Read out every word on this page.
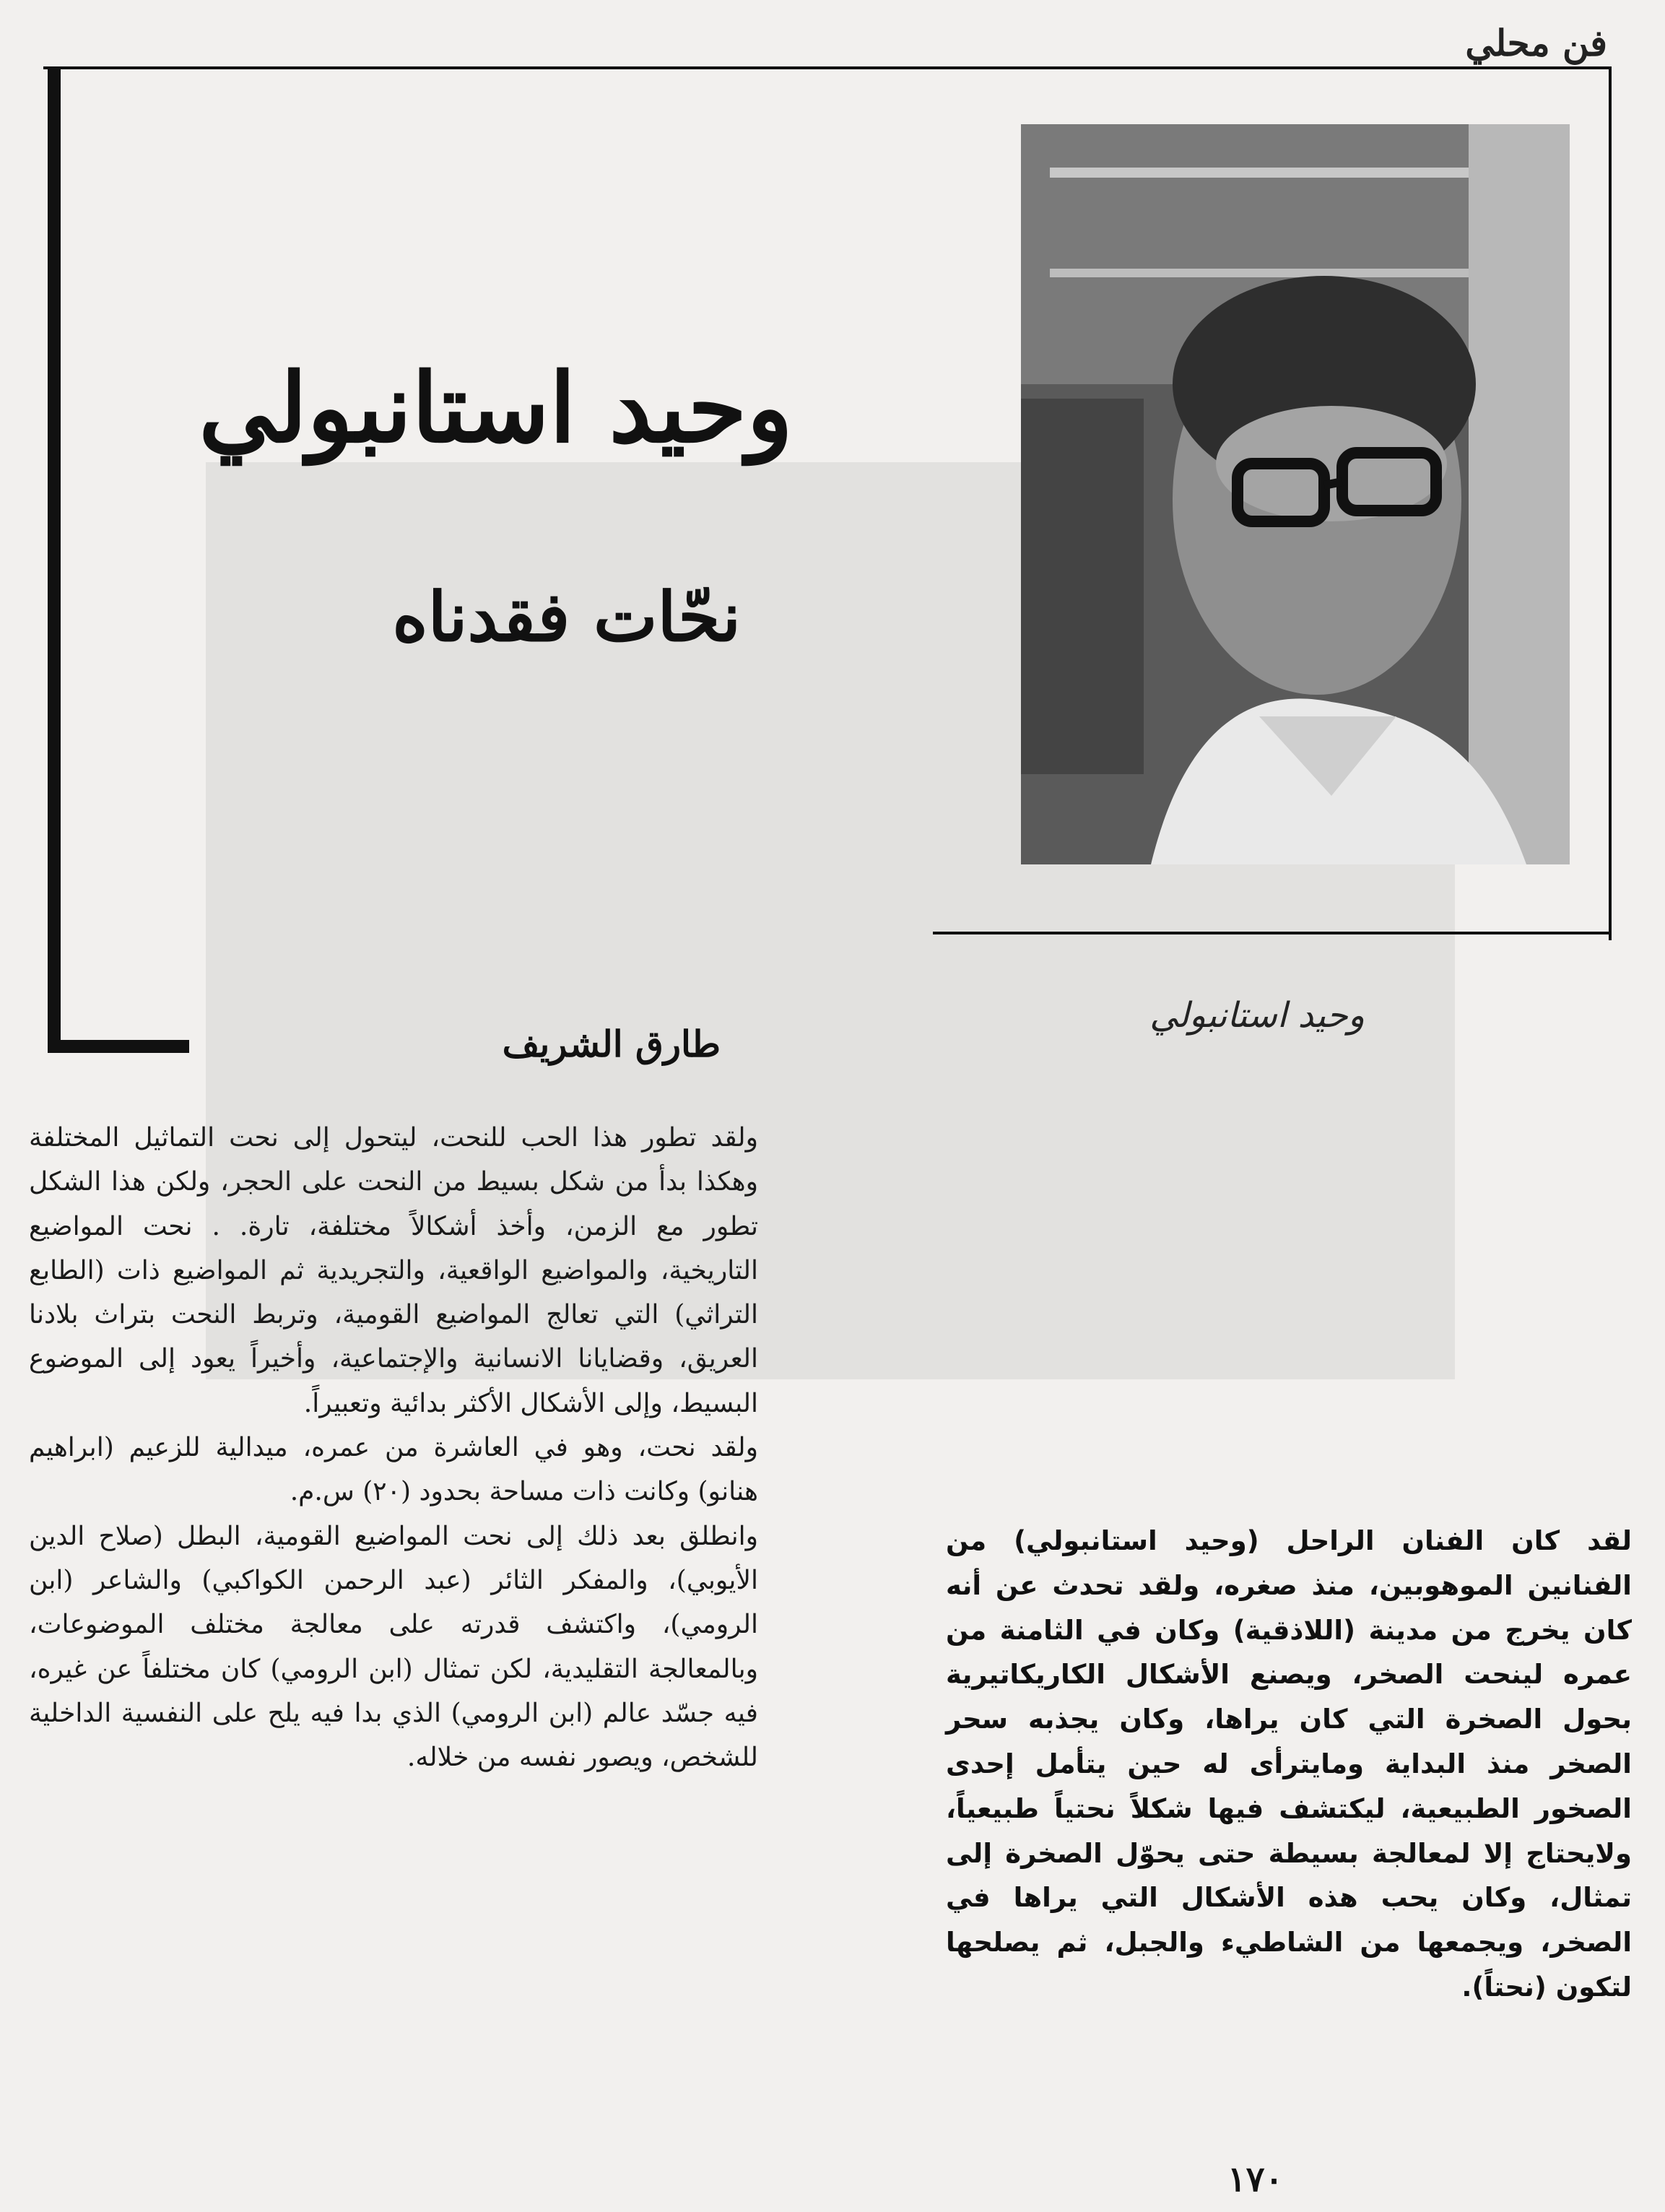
فن محلي
وحيد استانبولي
وحيد استانبولي
نحّات فقدناه
طارق الشريف

ولقد تطور هذا الحب للنحت، ليتحول إلى نحت التماثيل المختلفة وهكذا بدأ من شكل بسيط من النحت على الحجر، ولكن هذا الشكل تطور مع الزمن، وأخذ أشكالاً مختلفة، تارة. . نحت المواضيع التاريخية، والمواضيع الواقعية، والتجريدية ثم المواضيع ذات (الطابع التراثي) التي تعالج المواضيع القومية، وتربط النحت بتراث بلادنا العريق، وقضايانا الانسانية والإجتماعية، وأخيراً يعود إلى الموضوع البسيط، وإلى الأشكال الأكثر بدائية وتعبيراً.

ولقد نحت، وهو في العاشرة من عمره، ميدالية للزعيم (ابراهيم هنانو) وكانت ذات مساحة بحدود (٢٠) س.م.

وانطلق بعد ذلك إلى نحت المواضيع القومية، البطل (صلاح الدين الأيوبي)، والمفكر الثائر (عبد الرحمن الكواكبي) والشاعر (ابن الرومي)، واكتشف قدرته على معالجة مختلف الموضوعات، وبالمعالجة التقليدية، لكن تمثال (ابن الرومي) كان مختلفاً عن غيره، فيه جسّد عالم (ابن الرومي) الذي بدا فيه يلح على النفسية الداخلية للشخص، ويصور نفسه من خلاله.

لقد كان الفنان الراحل (وحيد استانبولي) من الفنانين الموهوبين، منذ صغره، ولقد تحدث عن أنه كان يخرج من مدينة (اللاذقية) وكان في الثامنة من عمره لينحت الصخر، ويصنع الأشكال الكاريكاتيرية بحول الصخرة التي كان يراها، وكان يجذبه سحر الصخر منذ البداية ومايترأى له حين يتأمل إحدى الصخور الطبيعية، ليكتشف فيها شكلاً نحتياً طبيعياً، ولايحتاج إلا لمعالجة بسيطة حتى يحوّل الصخرة إلى تمثال، وكان يحب هذه الأشكال التي يراها في الصخر، ويجمعها من الشاطيء والجبل، ثم يصلحها لتكون (نحتاً).

١٧٠
